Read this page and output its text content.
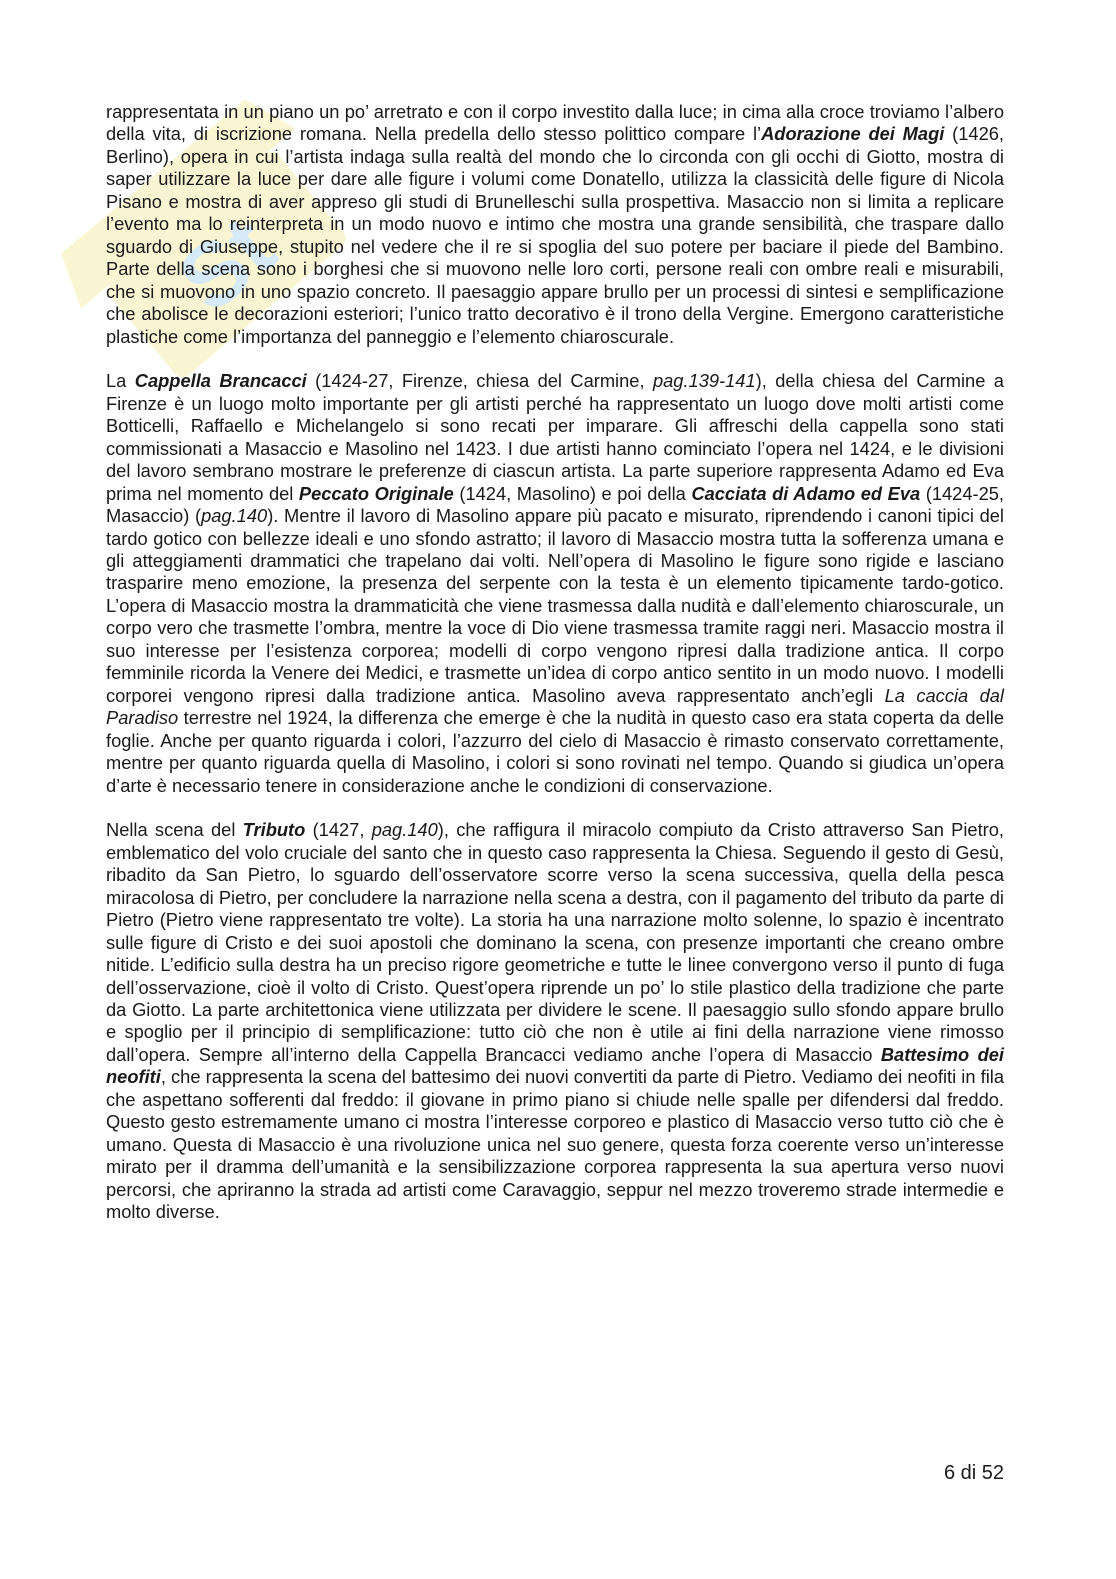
St

rappresentata in un piano un po’ arretrato e con il corpo investito dalla luce; in cima alla croce troviamo l’albero della vita, di iscrizione romana. Nella predella dello stesso polittico compare l’Adorazione dei Magi (1426, Berlino), opera in cui l’artista indaga sulla realtà del mondo che lo circonda con gli occhi di Giotto, mostra di saper utilizzare la luce per dare alle figure i volumi come Donatello, utilizza la classicità delle figure di Nicola Pisano e mostra di aver appreso gli studi di Brunelleschi sulla prospettiva. Masaccio non si limita a replicare l’evento ma lo reinterpreta in un modo nuovo e intimo che mostra una grande sensibilità, che traspare dallo sguardo di Giuseppe, stupito nel vedere che il re si spoglia del suo potere per baciare il piede del Bambino. Parte della scena sono i borghesi che si muovono nelle loro corti, persone reali con ombre reali e misurabili, che si muovono in uno spazio concreto. Il paesaggio appare brullo per un processi di sintesi e semplificazione che abolisce le decorazioni esteriori; l’unico tratto decorativo è il trono della Vergine. Emergono caratteristiche plastiche come l’importanza del panneggio e l’elemento chiaroscurale.

La Cappella Brancacci (1424-27, Firenze, chiesa del Carmine, pag.139-141), della chiesa del Carmine a Firenze è un luogo molto importante per gli artisti perché ha rappresentato un luogo dove molti artisti come Botticelli, Raffaello e Michelangelo si sono recati per imparare. Gli affreschi della cappella sono stati commissionati a Masaccio e Masolino nel 1423. I due artisti hanno cominciato l’opera nel 1424, e le divisioni del lavoro sembrano mostrare le preferenze di ciascun artista. La parte superiore rappresenta Adamo ed Eva prima nel momento del Peccato Originale (1424, Masolino) e poi della Cacciata di Adamo ed Eva (1424-25, Masaccio) (pag.140). Mentre il lavoro di Masolino appare più pacato e misurato, riprendendo i canoni tipici del tardo gotico con bellezze ideali e uno sfondo astratto; il lavoro di Masaccio mostra tutta la sofferenza umana e gli atteggiamenti drammatici che trapelano dai volti. Nell’opera di Masolino le figure sono rigide e lasciano trasparire meno emozione, la presenza del serpente con la testa è un elemento tipicamente tardo-gotico. L’opera di Masaccio mostra la drammaticità che viene trasmessa dalla nudità e dall’elemento chiaroscurale, un corpo vero che trasmette l’ombra, mentre la voce di Dio viene trasmessa tramite raggi neri. Masaccio mostra il suo interesse per l’esistenza corporea; modelli di corpo vengono ripresi dalla tradizione antica. Il corpo femminile ricorda la Venere dei Medici, e trasmette un’idea di corpo antico sentito in un modo nuovo. I modelli corporei vengono ripresi dalla tradizione antica. Masolino aveva rappresentato anch’egli La caccia dal Paradiso terrestre nel 1924, la differenza che emerge è che la nudità in questo caso era stata coperta da delle foglie. Anche per quanto riguarda i colori, l’azzurro del cielo di Masaccio è rimasto conservato correttamente, mentre per quanto riguarda quella di Masolino, i colori si sono rovinati nel tempo. Quando si giudica un’opera d’arte è necessario tenere in considerazione anche le condizioni di conservazione.

Nella scena del Tributo (1427, pag.140), che raffigura il miracolo compiuto da Cristo attraverso San Pietro, emblematico del volo cruciale del santo che in questo caso rappresenta la Chiesa. Seguendo il gesto di Gesù, ribadito da San Pietro, lo sguardo dell’osservatore scorre verso la scena successiva, quella della pesca miracolosa di Pietro, per concludere la narrazione nella scena a destra, con il pagamento del tributo da parte di Pietro (Pietro viene rappresentato tre volte). La storia ha una narrazione molto solenne, lo spazio è incentrato sulle figure di Cristo e dei suoi apostoli che dominano la scena, con presenze importanti che creano ombre nitide. L’edificio sulla destra ha un preciso rigore geometriche e tutte le linee convergono verso il punto di fuga dell’osservazione, cioè il volto di Cristo. Quest’opera riprende un po’ lo stile plastico della tradizione che parte da Giotto. La parte architettonica viene utilizzata per dividere le scene. Il paesaggio sullo sfondo appare brullo e spoglio per il principio di semplificazione: tutto ciò che non è utile ai fini della narrazione viene rimosso dall’opera. Sempre all’interno della Cappella Brancacci vediamo anche l’opera di Masaccio Battesimo dei neofiti, che rappresenta la scena del battesimo dei nuovi convertiti da parte di Pietro. Vediamo dei neofiti in fila che aspettano sofferenti dal freddo: il giovane in primo piano si chiude nelle spalle per difendersi dal freddo. Questo gesto estremamente umano ci mostra l’interesse corporeo e plastico di Masaccio verso tutto ciò che è umano. Questa di Masaccio è una rivoluzione unica nel suo genere, questa forza coerente verso un’interesse mirato per il dramma dell’umanità e la sensibilizzazione corporea rappresenta la sua apertura verso nuovi percorsi, che apriranno la strada ad artisti come Caravaggio, seppur nel mezzo troveremo strade intermedie e molto diverse.

6 di 52
